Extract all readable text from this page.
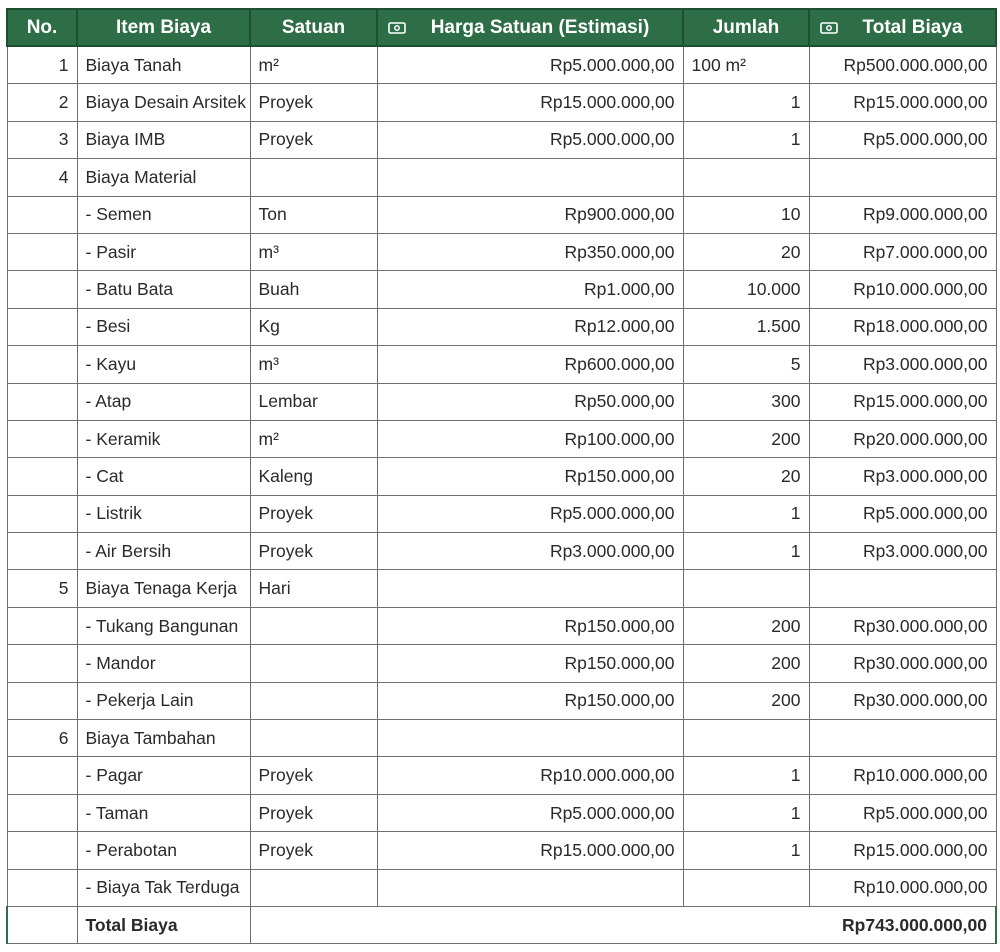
No.	Item Biaya	Satuan	Harga Satuan (Estimasi)	Jumlah	Total Biaya

1	Biaya Tanah	m²	Rp5.000.000,00	100 m²	Rp500.000.000,00
2	Biaya Desain Arsitek	Proyek	Rp15.000.000,00	1	Rp15.000.000,00
3	Biaya IMB	Proyek	Rp5.000.000,00	1	Rp5.000.000,00
4	Biaya Material				
	- Semen	Ton	Rp900.000,00	10	Rp9.000.000,00
	- Pasir	m³	Rp350.000,00	20	Rp7.000.000,00
	- Batu Bata	Buah	Rp1.000,00	10.000	Rp10.000.000,00
	- Besi	Kg	Rp12.000,00	1.500	Rp18.000.000,00
	- Kayu	m³	Rp600.000,00	5	Rp3.000.000,00
	- Atap	Lembar	Rp50.000,00	300	Rp15.000.000,00
	- Keramik	m²	Rp100.000,00	200	Rp20.000.000,00
	- Cat	Kaleng	Rp150.000,00	20	Rp3.000.000,00
	- Listrik	Proyek	Rp5.000.000,00	1	Rp5.000.000,00
	- Air Bersih	Proyek	Rp3.000.000,00	1	Rp3.000.000,00
5	Biaya Tenaga Kerja	Hari			
	- Tukang Bangunan		Rp150.000,00	200	Rp30.000.000,00
	- Mandor		Rp150.000,00	200	Rp30.000.000,00
	- Pekerja Lain		Rp150.000,00	200	Rp30.000.000,00
6	Biaya Tambahan				
	- Pagar	Proyek	Rp10.000.000,00	1	Rp10.000.000,00
	- Taman	Proyek	Rp5.000.000,00	1	Rp5.000.000,00
	- Perabotan	Proyek	Rp15.000.000,00	1	Rp15.000.000,00
	- Biaya Tak Terduga				Rp10.000.000,00
	Total Biaya	Rp743.000.000,00			
